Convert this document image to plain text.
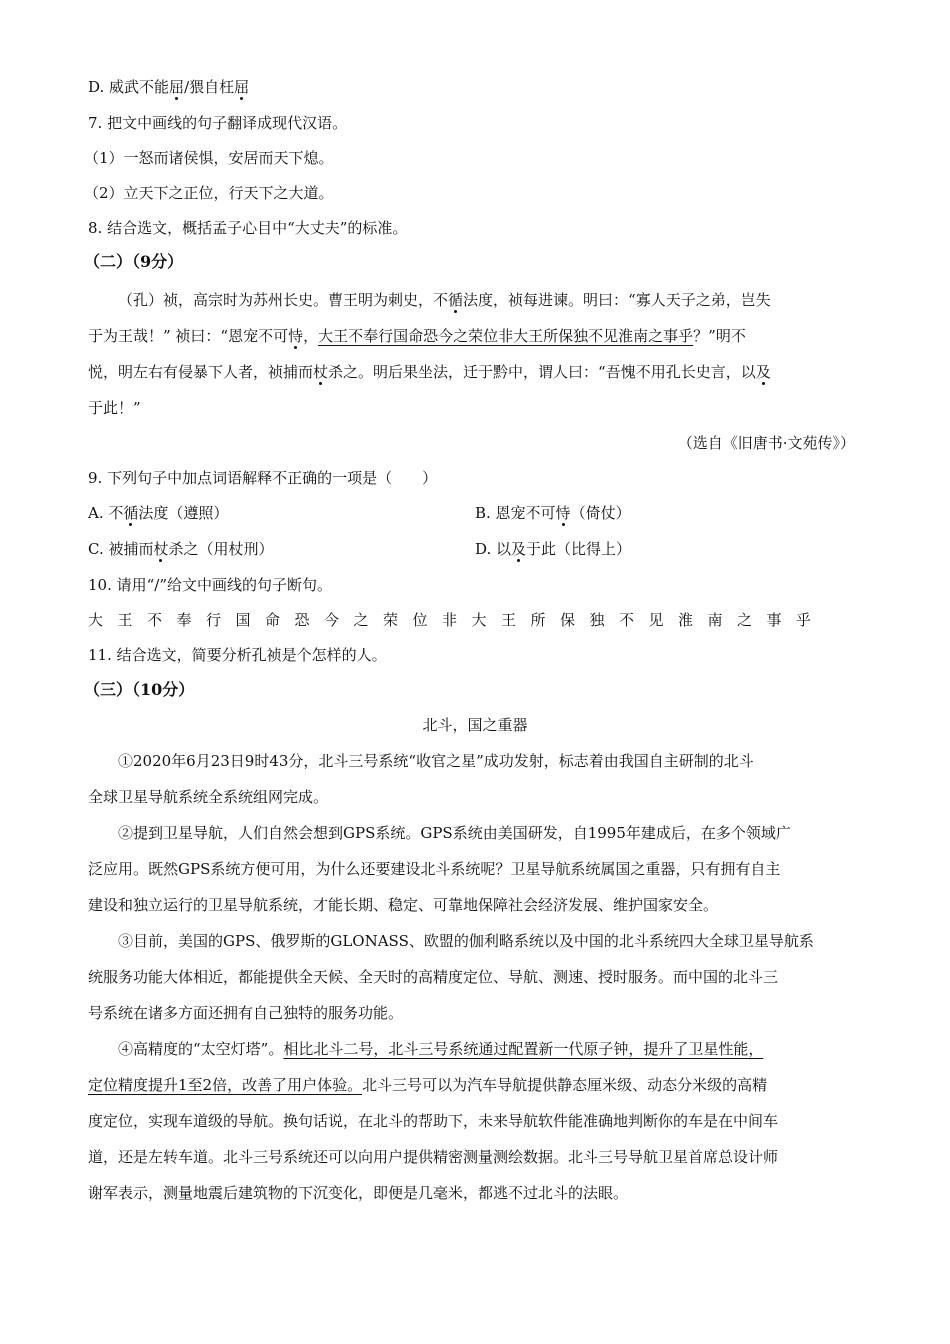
D. 威武不能屈/猥自枉屈
7. 把文中画线的句子翻译成现代汉语。
（1）一怒而诸侯惧，安居而天下熄。
（2）立天下之正位，行天下之大道。
8. 结合选文，概括孟子心目中“大丈夫”的标准。
（二）（9分）
（孔）祯，高宗时为苏州长史。曹王明为刺史，不循法度，祯每进谏。明曰：“寡人天子之弟，岂失
于为王哉！” 祯曰：“恩宠不可恃，大王不奉行国命恐今之荣位非大王所保独不见淮南之事乎？”明不
悦，明左右有侵暴下人者，祯捕而杖杀之。明后果坐法，迁于黔中，谓人曰：“吾愧不用孔长史言，以及
于此！”
（选自《旧唐书·文苑传》）
9. 下列句子中加点词语解释不正确的一项是（　　）
A. 不循法度（遵照）	B. 恩宠不可恃（倚仗）
C. 被捕而杖杀之（用杖刑）	D. 以及于此（比得上）
10. 请用“/”给文中画线的句子断句。
大王不奉行国命恐今之荣位非大王所保独不见淮南之事乎
11. 结合选文，简要分析孔祯是个怎样的人。
（三）（10分）
北斗，国之重器
①2020年6月23日9时43分，北斗三号系统“收官之星”成功发射，标志着由我国自主研制的北斗
全球卫星导航系统全系统组网完成。
②提到卫星导航，人们自然会想到GPS系统。GPS系统由美国研发，自1995年建成后，在多个领域广
泛应用。既然GPS系统方便可用，为什么还要建设北斗系统呢？卫星导航系统属国之重器，只有拥有自主
建设和独立运行的卫星导航系统，才能长期、稳定、可靠地保障社会经济发展、维护国家安全。
③目前，美国的GPS、俄罗斯的GLONASS、欧盟的伽利略系统以及中国的北斗系统四大全球卫星导航系
统服务功能大体相近，都能提供全天候、全天时的高精度定位、导航、测速、授时服务。而中国的北斗三
号系统在诸多方面还拥有自己独特的服务功能。
④高精度的“太空灯塔”。相比北斗二号，北斗三号系统通过配置新一代原子钟，提升了卫星性能，
定位精度提升1至2倍，改善了用户体验。北斗三号可以为汽车导航提供静态厘米级、动态分米级的高精
度定位，实现车道级的导航。换句话说，在北斗的帮助下，未来导航软件能准确地判断你的车是在中间车
道，还是左转车道。北斗三号系统还可以向用户提供精密测量测绘数据。北斗三号导航卫星首席总设计师
谢军表示，测量地震后建筑物的下沉变化，即便是几毫米，都逃不过北斗的法眼。
